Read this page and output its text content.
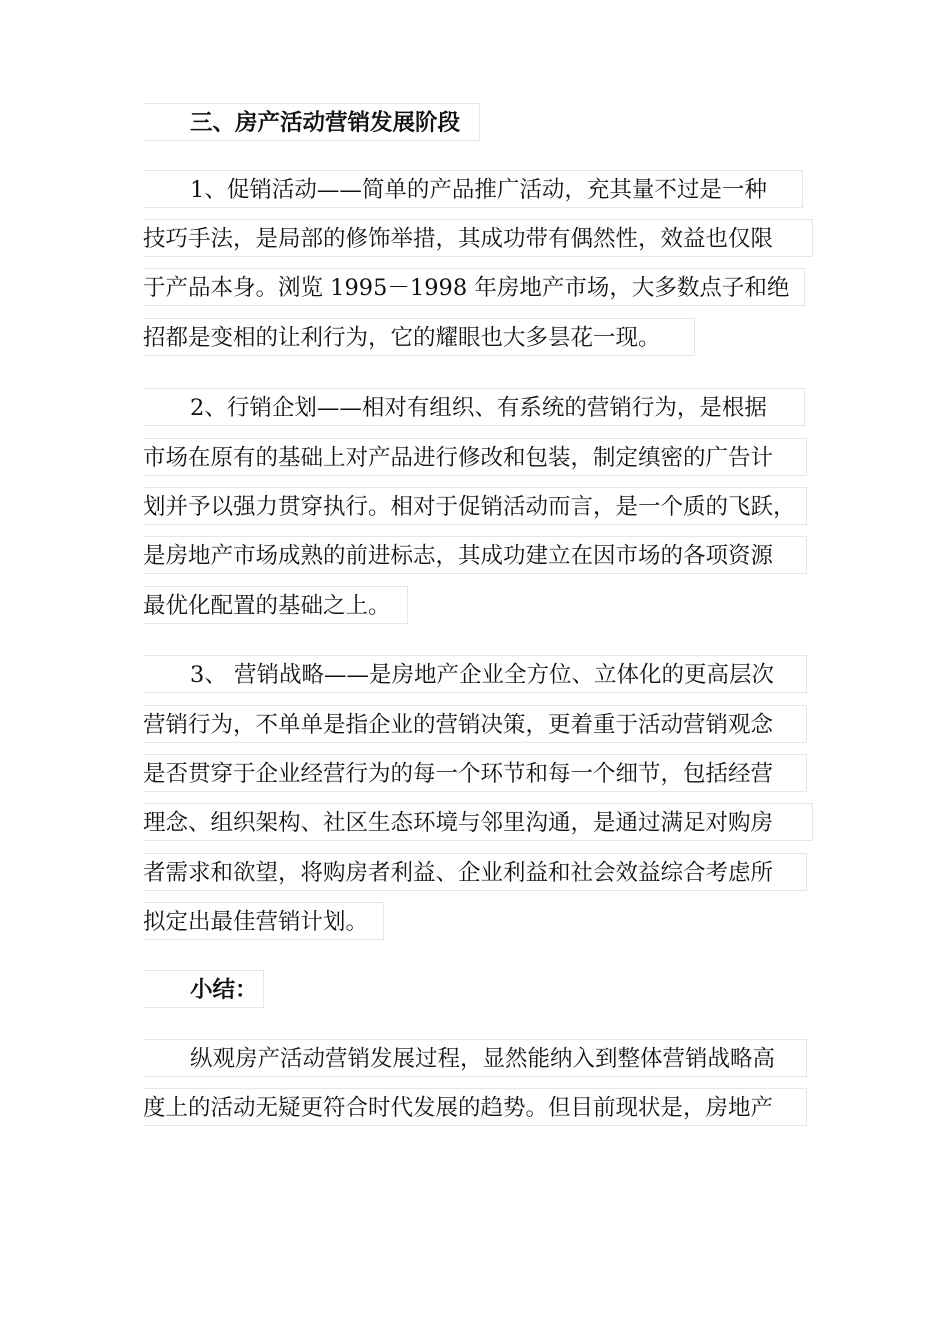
三、房产活动营销发展阶段
1、促销活动——简单的产品推广活动，充其量不过是一种
技巧手法，是局部的修饰举措，其成功带有偶然性，效益也仅限
于产品本身。浏览 1995－1998 年房地产市场，大多数点子和绝
招都是变相的让利行为，它的耀眼也大多昙花一现。
2、行销企划——相对有组织、有系统的营销行为，是根据
市场在原有的基础上对产品进行修改和包装，制定缜密的广告计
划并予以强力贯穿执行。相对于促销活动而言，是一个质的飞跃，
是房地产市场成熟的前进标志，其成功建立在因市场的各项资源
最优化配置的基础之上。
3、 营销战略——是房地产企业全方位、立体化的更高层次
营销行为，不单单是指企业的营销决策，更着重于活动营销观念
是否贯穿于企业经营行为的每一个环节和每一个细节，包括经营
理念、组织架构、社区生态环境与邻里沟通，是通过满足对购房
者需求和欲望，将购房者利益、企业利益和社会效益综合考虑所
拟定出最佳营销计划。
小结：
纵观房产活动营销发展过程，显然能纳入到整体营销战略高
度上的活动无疑更符合时代发展的趋势。但目前现状是，房地产
